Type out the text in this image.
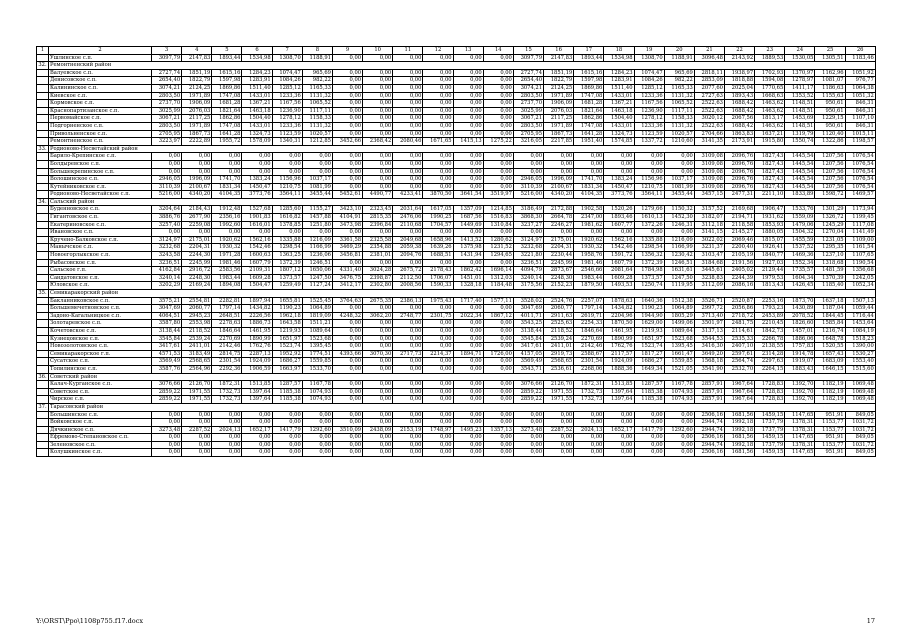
1	2	3	4	5	6	7	8	9	10	11	12	13	14	15	16	17	18	19	20	21	22	23	24	25	26
	Ушлинское с.п.	3097,79	2147,83	1893,44	1534,98	1308,70	1188,91	0,00	0,00	0,00	0,00	0,00	0,00	3097,79	2147,83	1893,44	1534,98	1308,70	1188,91	3096,48	2143,92	1889,53	1530,05	1305,51	1183,46
32.	Ремонтненский район																								
	Валуевское с.п.	2727,74	1851,19	1615,16	1284,23	1074,47	965,69	0,00	0,00	0,00	0,00	0,00	0,00	2727,74	1851,19	1615,16	1284,23	1074,47	965,69	2818,11	1938,97	1702,93	1370,97	1162,96	1051,92
	Денисовское с.п.	2654,40	1822,79	1597,98	1283,91	1084,26	982,22	0,00	0,00	0,00	0,00	0,00	0,00	2654,40	1822,79	1597,98	1283,91	1084,26	982,22	2853,09	1818,88	1594,08	1278,97	1081,07	976,77
	Калининское с.п.	3074,21	2124,25	1869,86	1511,40	1285,12	1165,33	0,00	0,00	0,00	0,00	0,00	0,00	3074,21	2124,25	1869,86	1511,40	1285,12	1165,33	2077,60	2025,04	1770,65	1411,17	1186,63	1064,38
	Киевское с.п.	2803,50	1971,89	1747,08	1433,01	1233,36	1131,32	0,00	0,00	0,00	0,00	0,00	0,00	2803,50	1971,89	1747,08	1433,01	1233,36	1131,32	2727,63	1893,43	1668,63	1353,52	1155,63	1051,32
	Кормовское с.п.	2737,70	1906,09	1681,28	1367,21	1167,56	1065,52	0,00	0,00	0,00	0,00	0,00	0,00	2737,70	1906,09	1681,28	1367,21	1167,56	1065,52	2522,63	1688,42	1463,62	1148,51	950,61	846,31
	Краснопартизанское с.п.	3025,99	2076,03	1821,64	1463,18	1236,90	1117,11	0,00	0,00	0,00	0,00	0,00	0,00	3025,99	2076,03	1821,64	1463,18	1236,90	1117,11	2522,63	1688,42	1463,62	1148,51	950,61	846,31
	Первомайское с.п.	3067,21	2117,25	1862,86	1504,40	1278,12	1158,33	0,00	0,00	0,00	0,00	0,00	0,00	3067,21	2117,25	1862,86	1504,40	1278,12	1158,33	3020,12	2067,56	1813,17	1453,69	1229,15	1107,10
	Подгорненское с.п.	2803,50	1971,89	1747,08	1433,01	1233,36	1131,32	0,00	0,00	0,00	0,00	0,00	0,00	2803,50	1971,89	1747,08	1433,01	1233,36	1131,32	2522,63	1688,42	1463,62	1148,51	950,61	846,31
	Привольненское с.п.	2705,95	1867,73	1641,28	1324,73	1123,59	1020,57	0,00	0,00	0,00	0,00	0,00	0,00	2705,95	1867,73	1641,28	1324,73	1123,59	1020,57	2704,66	1863,83	1637,21	1319,79	1120,40	1015,11
	Ремонтненское с.п.	3223,97	2222,89	1955,72	1578,09	1340,31	1212,85	3452,66	2368,42	2080,46	1671,65	1415,13	1275,22	3216,05	2217,85	1951,40	1574,85	1337,72	1210,60	3141,35	2173,91	1915,80	1550,74	1322,86	1198,57
33.	Родионово-Несветайский район																								
	Барило-Крепинское с.п.	0,00	0,00	0,00	0,00	0,00	0,00	0,00	0,00	0,00	0,00	0,00	0,00	0,00	0,00	0,00	0,00	0,00	0,00	3109,08	2096,76	1827,43	1445,54	1207,56	1076,54
	Болдыревское с.п.	0,00	0,00	0,00	0,00	0,00	0,00	0,00	0,00	0,00	0,00	0,00	0,00	0,00	0,00	0,00	0,00	0,00	0,00	3109,08	2096,76	1827,43	1445,54	1207,56	1076,54
	Большекрепинское с.п.	0,00	0,00	0,00	0,00	0,00	0,00	0,00	0,00	0,00	0,00	0,00	0,00	0,00	0,00	0,00	0,00	0,00	0,00	3109,08	2096,76	1827,43	1445,54	1207,56	1076,54
	Волошинское с.п.	2946,05	1996,09	1741,70	1383,24	1156,96	1037,17	0,00	0,00	0,00	0,00	0,00	0,00	2946,05	1996,09	1741,70	1383,24	1156,96	1037,17	3109,08	2096,76	1827,43	1445,54	1207,56	1076,54
	Кутейниковское с.п.	3110,39	2100,67	1831,34	1450,47	1210,75	1081,99	0,00	0,00	0,00	0,00	0,00	0,00	3110,39	2100,67	1831,34	1450,47	1210,75	1081,99	3109,08	2096,76	1827,43	1445,54	1207,56	1076,54
	Родионово-Несветайское с.п.	5216,00	4340,20	4104,35	3773,76	3564,11	3455,44	5452,61	4490,77	4233,41	3870,50	3641,54	3519,97	5216,00	4340,20	4104,35	3773,76	3564,11	3455,44	3457,15	2477,31	2211,10	1833,89	1598,72	1469,57
34.	Сальский район																								
	Буденновское с.п.	3204,64	2184,43	1912,48	1527,68	1285,60	1155,27	3423,10	2323,45	2031,64	1617,05	1357,09	1214,85	3186,49	2172,88	1902,58	1520,26	1279,66	1150,32	3157,52	2169,68	1906,47	1533,76	1301,29	1173,94
	Гигантовское с.п.	3886,76	2677,90	2356,16	1901,83	1616,82	1457,88	4104,91	2815,35	2476,06	1990,25	1687,56	1516,83	3868,30	2664,78	2347,00	1893,46	1610,13	1452,30	3182,07	2194,71	1931,62	1559,09	1326,72	1199,45
	Екатериновское с.п.	3257,40	2259,08	1992,60	1616,01	1378,85	1251,80	3473,98	2396,84	2110,68	1704,57	1449,69	1310,84	3237,27	2246,27	1981,62	1607,77	1372,26	1246,31	3112,18	2118,58	1853,93	1479,06	1245,29	1117,08
	Ивановское с.п.	0,00	0,00	0,00	0,00	0,00	0,00	0,00	0,00	0,00	0,00	0,00	0,00	0,00	0,00	0,00	0,00	0,00	0,00	3141,15	2145,27	1880,05	1504,32	1270,04	1141,49
	Кручено-Балковское с.п.	3124,97	2175,01	1920,62	1562,16	1335,88	1216,09	3361,58	2325,58	2049,68	1658,96	1413,52	1280,62	3124,97	2175,01	1920,62	1562,16	1335,88	1216,09	3022,02	2069,46	1815,07	1455,59	1231,05	1109,00
	Манычское с.п.	3232,68	2204,31	1930,32	1542,46	1298,54	1166,99	3469,29	2354,88	2059,38	1639,26	1375,98	1231,52	3232,68	2204,31	1930,32	1542,46	1298,54	1166,99	3231,37	2200,40	1926,41	1537,52	1295,35	1161,54
	Новоегорлыкское с.п.	3243,58	2244,30	1971,28	1600,63	1363,25	1236,06	3456,81	2381,01	2094,76	1688,51	1431,94	1294,65	3221,80	2230,44	1958,76	1591,72	1356,32	1230,42	3103,47	2105,19	1840,77	1469,36	1237,10	1107,65
	Рыбасовское с.п.	3236,51	2245,99	1981,46	1607,79	1372,39	1246,51	0,00	0,00	0,00	0,00	0,00	0,00	3236,51	2245,99	1981,46	1607,79	1372,39	1246,51	3184,68	2191,56	1927,03	1552,34	1318,68	1190,54
	Сальское г.п.	4162,84	2916,72	2583,56	2109,31	1807,12	1650,06	4331,40	3024,28	2675,72	2178,43	1862,42	1696,14	4094,79	2873,67	2546,66	2081,64	1784,98	1631,61	3445,61	2405,02	2129,44	1735,57	1481,59	1356,68
	Сандатовское с.п.	3240,14	2248,30	1983,44	1609,28	1373,57	1247,50	3476,75	2398,87	2112,50	1706,07	1451,01	1312,03	3240,14	2248,30	1983,44	1609,28	1373,57	1247,50	3238,83	2244,39	1979,53	1604,34	1370,39	1242,05
	Юловское с.п.	3202,29	2169,24	1894,08	1504,47	1259,49	1127,24	3412,17	2302,80	2008,56	1590,33	1328,18	1184,48	3175,56	2152,23	1879,50	1493,53	1250,74	1119,95	3112,09	2086,16	1813,43	1426,45	1185,40	1052,34
35.	Семикаракорский район																								
	Бакланниковское с.п.	3575,21	2554,81	2282,81	1897,94	1655,81	1525,45	3764,63	2675,35	2386,13	1975,43	1717,40	1577,11	3528,02	2524,76	2257,07	1878,63	1640,36	1512,38	3526,71	2520,87	2253,16	1873,70	1637,18	1507,13
	Большемечетновское с.п.	3047,69	2060,77	1797,14	1434,82	1190,23	1064,89	0,00	0,00	0,00	0,00	0,00	0,00	3047,69	2060,77	1797,14	1434,82	1190,23	1064,89	2997,72	2056,86	1793,23	1430,89	1187,04	1059,44
	Задоно-Кагальницкое с.п.	4064,51	2945,23	2648,51	2226,56	1962,18	1819,09	4248,32	3062,20	2748,77	2301,75	2022,34	1867,12	4011,71	2911,63	2619,71	2204,96	1944,90	1805,29	3713,40	2718,72	2453,89	2078,52	1844,45	1716,44
	Золотаревское с.п.	3587,80	2553,98	2278,63	1886,73	1643,58	1511,21	0,00	0,00	0,00	0,00	0,00	0,00	3543,25	2525,63	2254,33	1870,50	1629,00	1499,06	3501,97	2481,75	2210,45	1826,60	1585,84	1453,64
	Кочетовское с.п.	3138,44	2118,52	1846,64	1461,95	1219,93	1089,64	0,00	0,00	0,00	0,00	0,00	0,00	3138,44	2118,52	1846,64	1461,95	1219,93	1089,64	3137,13	2114,61	1842,73	1457,01	1216,74	1084,19
	Кузнецовское с.п.	3545,84	2539,24	2270,69	1890,99	1651,97	1523,68	0,00	0,00	0,00	0,00	0,00	0,00	3545,84	2539,24	2270,69	1890,99	1651,97	1523,68	3544,53	2535,33	2266,78	1886,06	1648,78	1518,23
	Новозолотовское с.п.	3417,61	2411,01	2142,46	1762,76	1523,74	1395,45	0,00	0,00	0,00	0,00	0,00	0,00	3417,61	2411,01	2142,46	1762,76	1523,74	1395,45	3416,30	2407,10	2138,55	1757,83	1520,55	1390,00
	Семикаракорское г.п.	4571,53	3183,49	2814,75	2287,13	1952,92	1774,51	4393,66	3070,30	2717,73	2214,37	1894,71	1726,00	4157,05	2919,73	2588,67	2117,57	1817,27	1661,47	3649,20	2597,61	2314,28	1914,78	1657,43	1530,27
	Сусатское с.п.	3569,49	2568,65	2301,54	1924,09	1686,27	1559,85	0,00	0,00	0,00	0,00	0,00	0,00	3569,49	2568,65	2301,54	1924,09	1686,27	1559,85	1568,18	2564,74	2297,63	1919,07	1683,09	1553,40
	Топилинское с.п.	3587,76	2564,96	2292,36	1906,59	1663,97	1533,70	0,00	0,00	0,00	0,00	0,00	0,00	3543,71	2536,61	2268,06	1888,36	1649,34	1521,05	3541,90	2532,70	2264,15	1883,43	1646,15	1515,60
36.	Советский район																								
	Калач-Курганское с.п.	3076,66	2126,70	1872,31	1513,85	1287,57	1167,78	0,00	0,00	0,00	0,00	0,00	0,00	3076,66	2126,70	1872,31	1513,85	1287,57	1167,78	2857,91	1967,64	1728,83	1392,70	1182,19	1069,48
	Советское с.п.	2859,22	1971,55	1732,73	1397,64	1185,38	1074,93	0,00	0,00	0,00	0,00	0,00	0,00	2859,22	1971,55	1732,73	1397,64	1185,38	1074,93	2857,91	1967,64	1728,83	1392,70	1182,19	1069,48
	Чирское с.п.	2859,22	1971,55	1732,73	1397,64	1185,38	1074,93	0,00	0,00	0,00	0,00	0,00	0,00	2859,22	1971,55	1732,73	1397,64	1185,38	1074,93	2857,91	1967,64	1728,83	1392,70	1182,19	1069,48
37.	Тарасовский район																								
	Большинское с.п.	0,00	0,00	0,00	0,00	0,00	0,00	0,00	0,00	0,00	0,00	0,00	0,00	0,00	0,00	0,00	0,00	0,00	0,00	2506,16	1681,56	1459,15	1147,65	951,91	849,05
	Войковское с.п.	0,00	0,00	0,00	0,00	0,00	0,00	0,00	0,00	0,00	0,00	0,00	0,00	0,00	0,00	0,00	0,00	0,00	0,00	2944,74	1992,18	1737,79	1378,31	1153,77	1031,72
	Дячкинское с.п.	3273,48	2287,52	2024,13	1652,17	1417,79	1292,60	3510,09	2438,09	2153,19	1748,97	1495,23	1357,13	3273,48	2287,52	2024,13	1652,17	1417,79	1292,60	2944,74	1992,18	1737,79	1378,31	1153,77	1031,72
	Ефремово-Степановское с.п.	0,00	0,00	0,00	0,00	0,00	0,00	0,00	0,00	0,00	0,00	0,00	0,00	0,00	0,00	0,00	0,00	0,00	0,00	2506,16	1681,56	1459,15	1147,65	951,91	849,05
	Зеленовское с.п.	0,00	0,00	0,00	0,00	0,00	0,00	0,00	0,00	0,00	0,00	0,00	0,00	0,00	0,00	0,00	0,00	0,00	0,00	2944,74	1992,18	1737,79	1378,31	1153,77	1031,72
	Колушкинское с.п.	0,00	0,00	0,00	0,00	0,00	0,00	0,00	0,00	0,00	0,00	0,00	0,00	0,00	0,00	0,00	0,00	0,00	0,00	2506,16	1681,56	1459,15	1147,65	951,91	849,05
Y:\ORST\Ppo\1108p755.f17.docx	17
